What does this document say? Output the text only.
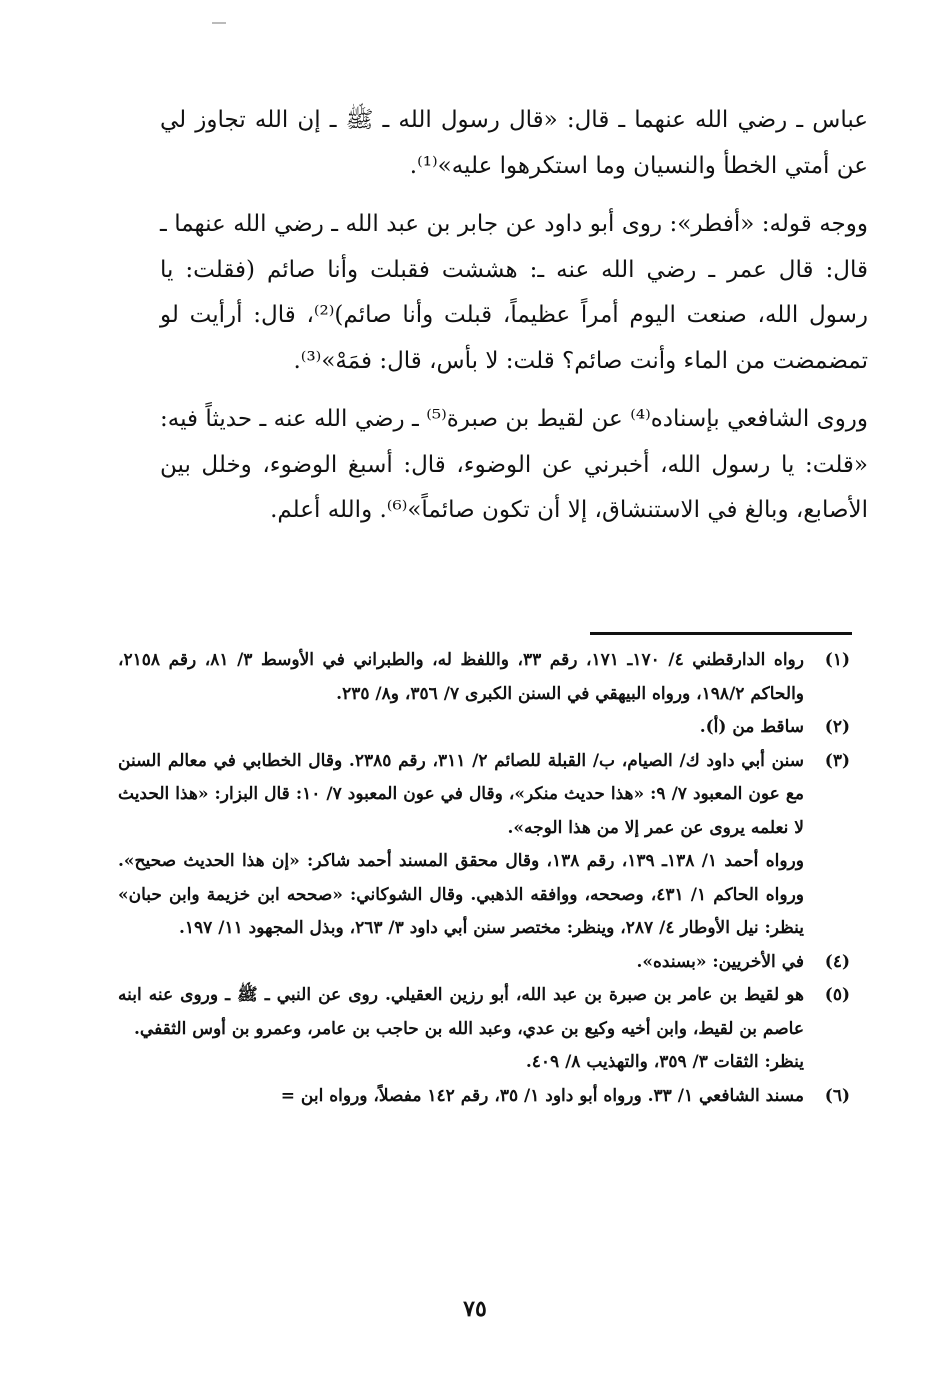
عباس ـ رضي الله عنهما ـ قال: «قال رسول الله ـ ﷺ ـ إن الله تجاوز لي عن أمتي الخطأ والنسيان وما استكرهوا عليه»⁽¹⁾.

ووجه قوله: «أفطر»: روى أبو داود عن جابر بن عبد الله ـ رضي الله عنهما ـ قال: قال عمر ـ رضي الله عنه ـ: هششت فقبلت وأنا صائم (فقلت: يا رسول الله، صنعت اليوم أمراً عظيماً، قبلت وأنا صائم)⁽²⁾، قال: أرأيت لو تمضمضت من الماء وأنت صائم؟ قلت: لا بأس، قال: فمَهْ»⁽³⁾.

وروى الشافعي بإسناده⁽⁴⁾ عن لقيط بن صبرة⁽⁵⁾ ـ رضي الله عنه ـ حديثاً فيه: «قلت: يا رسول الله، أخبرني عن الوضوء، قال: أسبغ الوضوء، وخلل بين الأصابع، وبالغ في الاستنشاق، إلا أن تكون صائماً»⁽⁶⁾. والله أعلم.

(١)
رواه الدارقطني ٤/ ١٧٠ـ ١٧١، رقم ٣٣، واللفظ له، والطبراني في الأوسط ٣/ ٨١، رقم ٢١٥٨، والحاكم ١٩٨/٢، ورواه البيهقي في السنن الكبرى ٧/ ٣٥٦، و٨/ ٢٣٥.
(٢)
ساقط من (أ).
(٣)
سنن أبي داود ك/ الصيام، ب/ القبلة للصائم ٢/ ٣١١، رقم ٢٣٨٥. وقال الخطابي في معالم السنن مع عون المعبود ٧/ ٩: «هذا حديث منكر»، وقال في عون المعبود ٧/ ١٠: قال البزار: «هذا الحديث لا نعلمه يروى عن عمر إلا من هذا الوجه».
ورواه أحمد ١/ ١٣٨ـ ١٣٩، رقم ١٣٨، وقال محقق المسند أحمد شاكر: «إن هذا الحديث صحيح». ورواه الحاكم ١/ ٤٣١، وصححه، ووافقه الذهبي. وقال الشوكاني: «صححه ابن خزيمة وابن حبان» ينظر: نيل الأوطار ٤/ ٢٨٧، وينظر: مختصر سنن أبي داود ٣/ ٢٦٣، وبذل المجهود ١١/ ١٩٧.
(٤)
في الأخريين: «بسنده».
(٥)
هو لقيط بن عامر بن صبرة بن عبد الله، أبو رزين العقيلي. روى عن النبي ـ ﷺ ـ وروى عنه ابنه عاصم بن لقيط، وابن أخيه وكيع بن عدي، وعبد الله بن حاجب بن عامر، وعمرو بن أوس الثقفي.
ينظر: الثقات ٣/ ٣٥٩، والتهذيب ٨/ ٤٠٩.
(٦)
مسند الشافعي ١/ ٣٣. ورواه أبو داود ١/ ٣٥، رقم ١٤٢ مفصلاً، ورواه ابن =
٧٥
